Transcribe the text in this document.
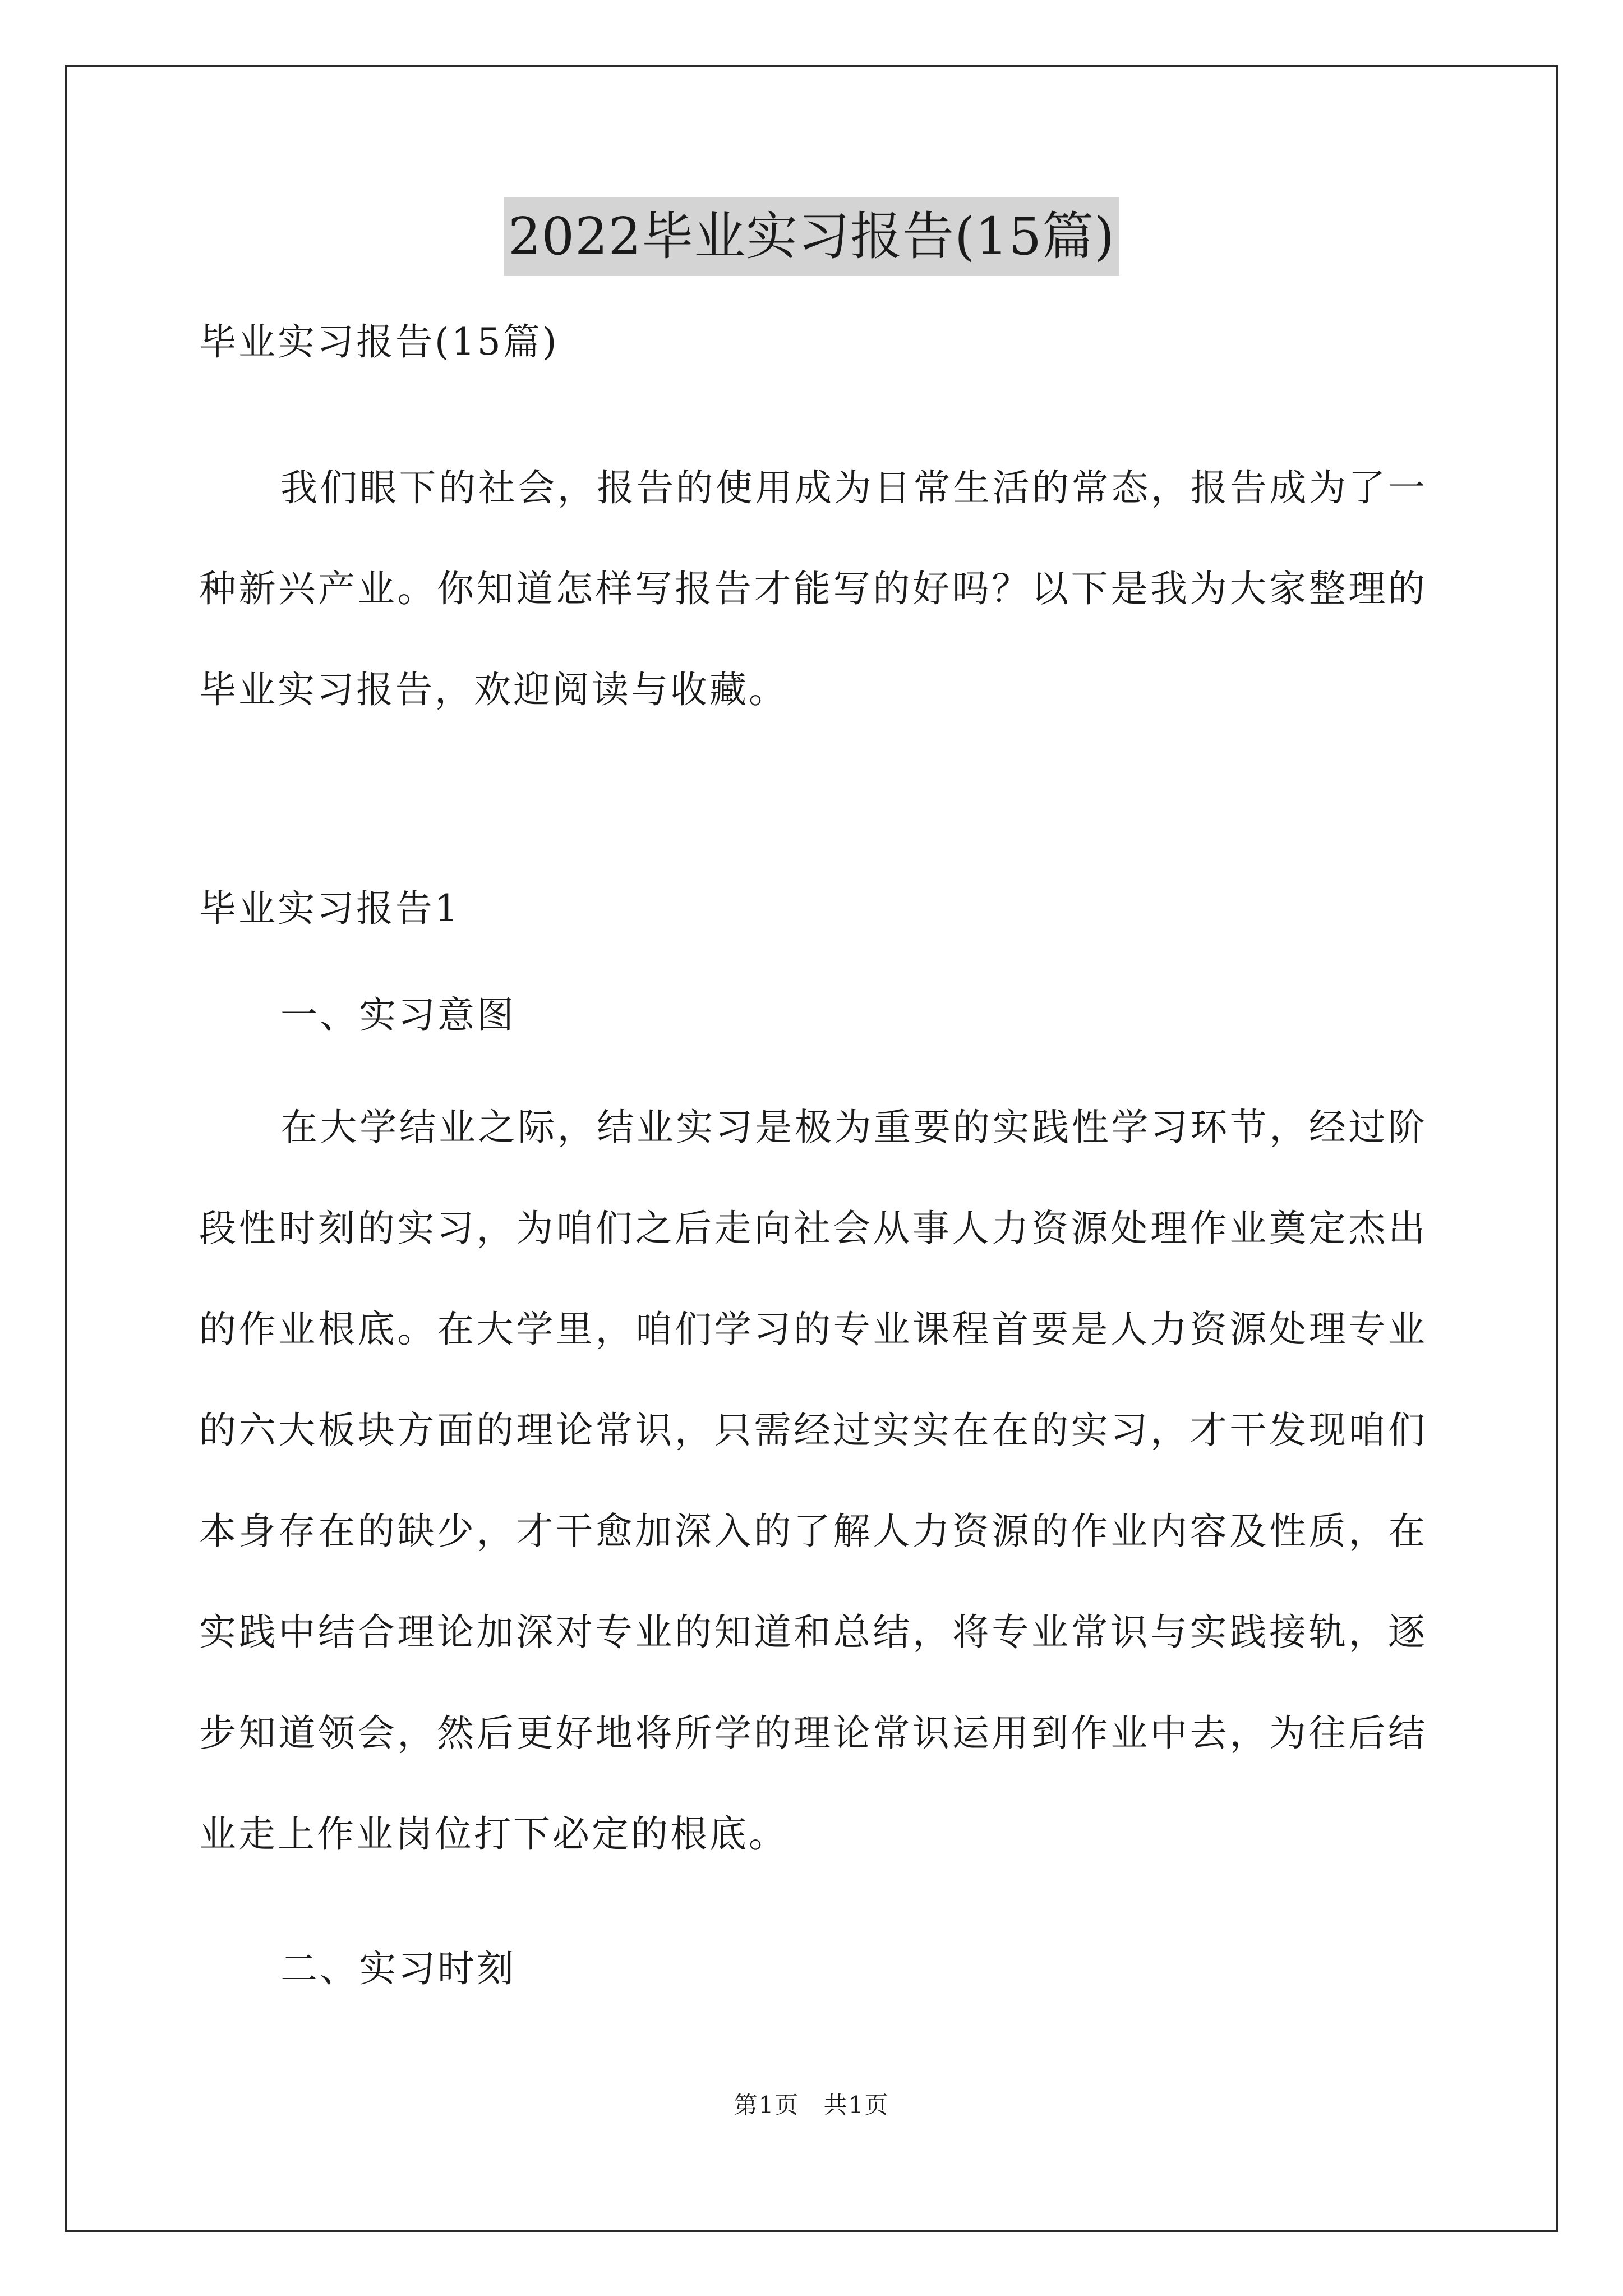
2022毕业实习报告(15篇)

毕业实习报告(15篇)

我们眼下的社会，报告的使用成为日常生活的常态，报告成为了一种新兴产业。你知道怎样写报告才能写的好吗？以下是我为大家整理的毕业实习报告，欢迎阅读与收藏。

毕业实习报告1

一、实习意图

在大学结业之际，结业实习是极为重要的实践性学习环节，经过阶段性时刻的实习，为咱们之后走向社会从事人力资源处理作业奠定杰出的作业根底。在大学里，咱们学习的专业课程首要是人力资源处理专业的六大板块方面的理论常识，只需经过实实在在的实习，才干发现咱们本身存在的缺少，才干愈加深入的了解人力资源的作业内容及性质，在实践中结合理论加深对专业的知道和总结，将专业常识与实践接轨，逐步知道领会，然后更好地将所学的理论常识运用到作业中去，为往后结业走上作业岗位打下必定的根底。

二、实习时刻

第1页 共1页
